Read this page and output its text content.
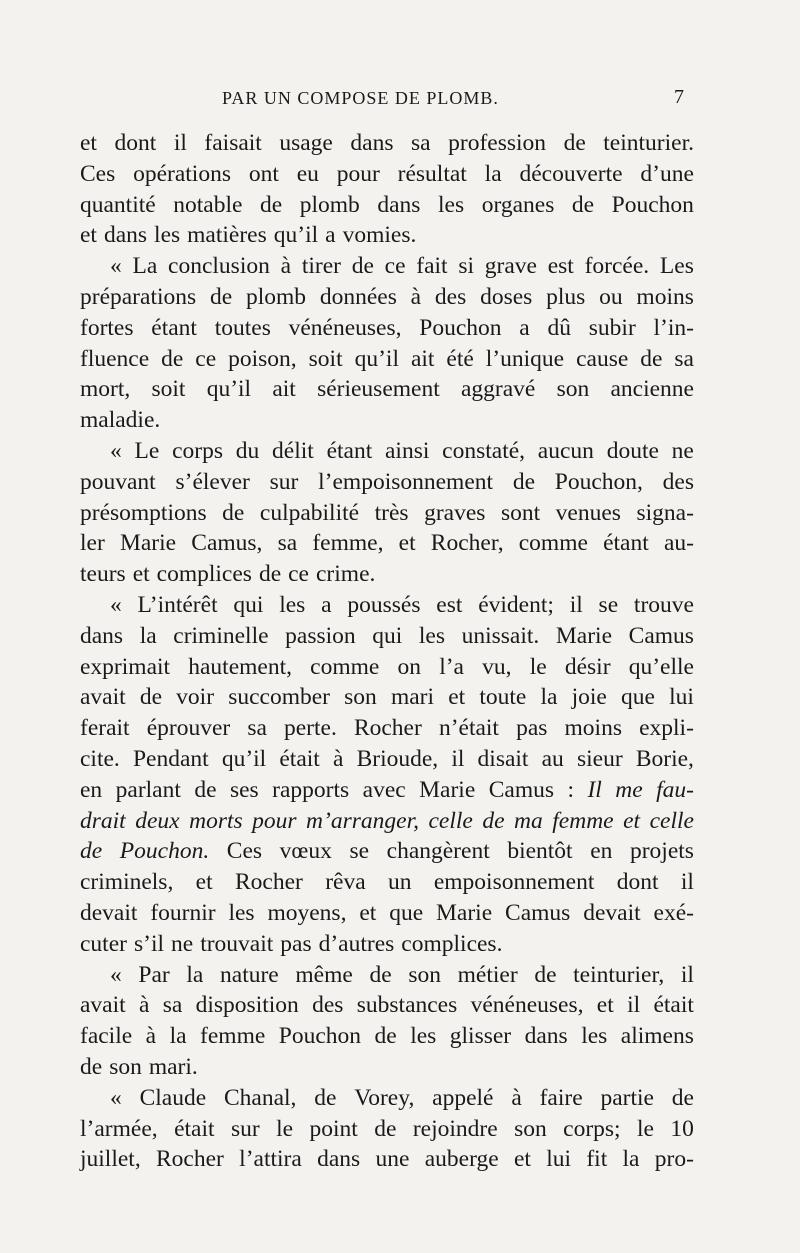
PAR UN COMPOSE DE PLOMB.	7
et dont il faisait usage dans sa profession de teinturier.
Ces opérations ont eu pour résultat la découverte d’une
quantité notable de plomb dans les organes de Pouchon
et dans les matières qu’il a vomies.
« La conclusion à tirer de ce fait si grave est forcée. Les
préparations de plomb données à des doses plus ou moins
fortes étant toutes vénéneuses, Pouchon a dû subir l’in-
fluence de ce poison, soit qu’il ait été l’unique cause de sa
mort, soit qu’il ait sérieusement aggravé son ancienne
maladie.
« Le corps du délit étant ainsi constaté, aucun doute ne
pouvant s’élever sur l’empoisonnement de Pouchon, des
présomptions de culpabilité très graves sont venues signa-
ler Marie Camus, sa femme, et Rocher, comme étant au-
teurs et complices de ce crime.
« L’intérêt qui les a poussés est évident; il se trouve
dans la criminelle passion qui les unissait. Marie Camus
exprimait hautement, comme on l’a vu, le désir qu’elle
avait de voir succomber son mari et toute la joie que lui
ferait éprouver sa perte. Rocher n’était pas moins expli-
cite. Pendant qu’il était à Brioude, il disait au sieur Borie,
en parlant de ses rapports avec Marie Camus : Il me fau-
drait deux morts pour m’arranger, celle de ma femme et celle
de Pouchon. Ces vœux se changèrent bientôt en projets
criminels, et Rocher rêva un empoisonnement dont il
devait fournir les moyens, et que Marie Camus devait exé-
cuter s’il ne trouvait pas d’autres complices.
« Par la nature même de son métier de teinturier, il
avait à sa disposition des substances vénéneuses, et il était
facile à la femme Pouchon de les glisser dans les alimens
de son mari.
« Claude Chanal, de Vorey, appelé à faire partie de
l’armée, était sur le point de rejoindre son corps; le 10
juillet, Rocher l’attira dans une auberge et lui fit la pro-
